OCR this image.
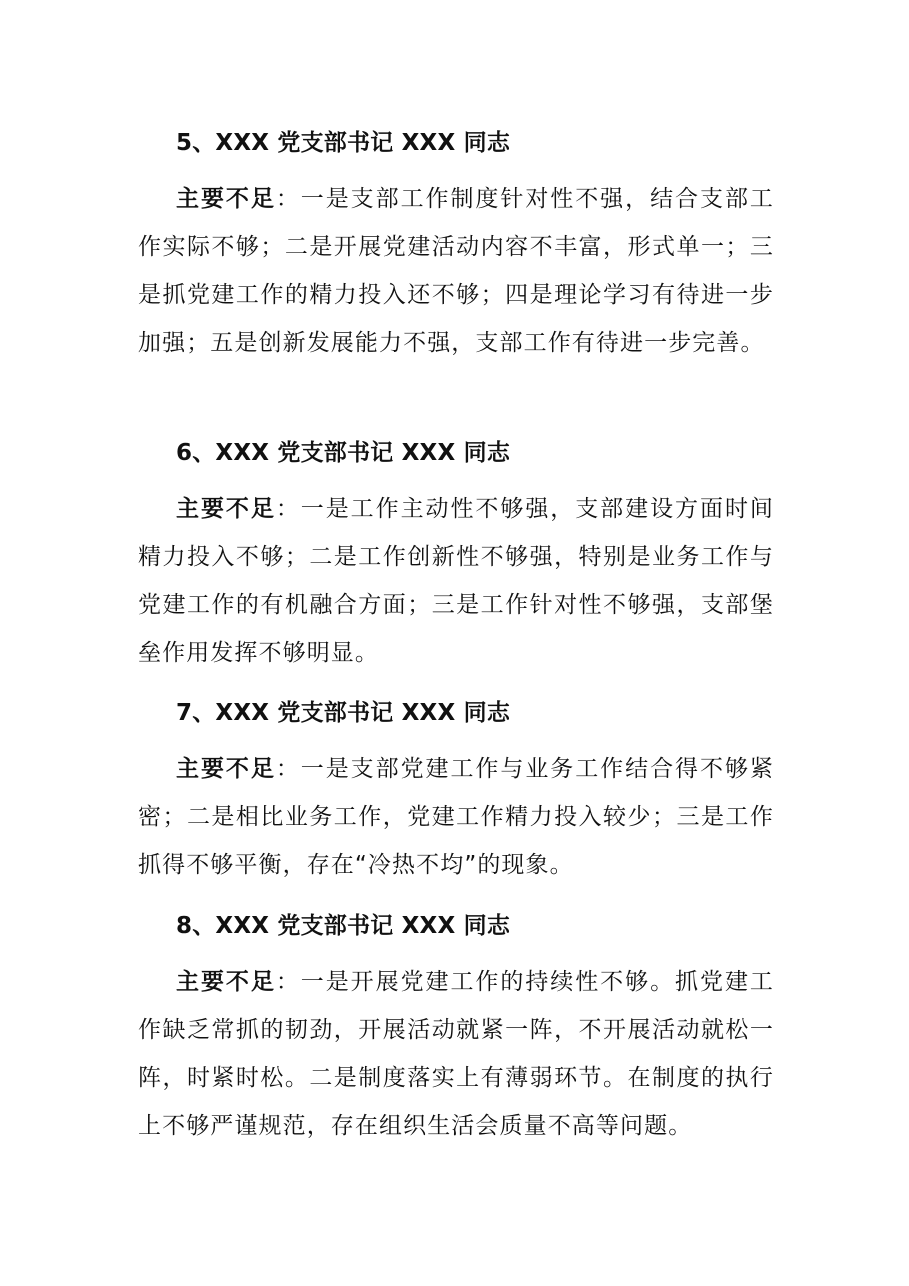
5、XXX 党支部书记 XXX 同志
主要不足：一是支部工作制度针对性不强，结合支部工作实际不够；二是开展党建活动内容不丰富，形式单一；三是抓党建工作的精力投入还不够；四是理论学习有待进一步加强；五是创新发展能力不强，支部工作有待进一步完善。
6、XXX 党支部书记 XXX 同志
主要不足：一是工作主动性不够强，支部建设方面时间精力投入不够；二是工作创新性不够强，特别是业务工作与党建工作的有机融合方面；三是工作针对性不够强，支部堡垒作用发挥不够明显。
7、XXX 党支部书记 XXX 同志
主要不足：一是支部党建工作与业务工作结合得不够紧密；二是相比业务工作，党建工作精力投入较少；三是工作抓得不够平衡，存在“冷热不均”的现象。
8、XXX 党支部书记 XXX 同志
主要不足：一是开展党建工作的持续性不够。抓党建工作缺乏常抓的韧劲，开展活动就紧一阵，不开展活动就松一阵，时紧时松。二是制度落实上有薄弱环节。在制度的执行上不够严谨规范，存在组织生活会质量不高等问题。
